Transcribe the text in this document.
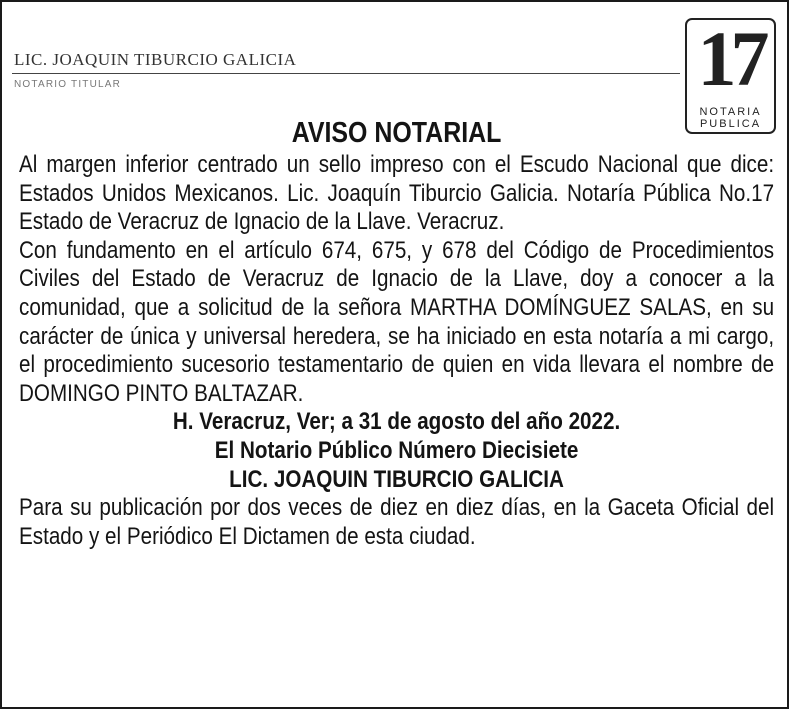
LIC. JOAQUIN TIBURCIO GALICIA
NOTARIO TITULAR	17
NOTARIA
PUBLICA

AVISO NOTARIAL

Al margen inferior centrado un sello impreso con el Escudo Nacional que dice: Estados Unidos Mexicanos. Lic. Joaquín Tiburcio Galicia. Notaría Pública No.17 Estado de Veracruz de Ignacio de la Llave. Veracruz.

Con fundamento en el artículo 674, 675, y 678 del Código de Procedimientos Civiles del Estado de Veracruz de Ignacio de la Llave, doy a conocer a la comunidad, que a solicitud de la señora MARTHA DOMÍNGUEZ SALAS, en su carácter de única y universal heredera, se ha iniciado en esta notaría a mi cargo, el procedimiento sucesorio testamentario de quien en vida llevara el nombre de DOMINGO PINTO BALTAZAR.

H. Veracruz, Ver; a 31 de agosto del año 2022.

El Notario Público Número Diecisiete

LIC. JOAQUIN TIBURCIO GALICIA

Para su publicación por dos veces de diez en diez días, en la Gaceta Oficial del Estado y el Periódico El Dictamen de esta ciudad.
